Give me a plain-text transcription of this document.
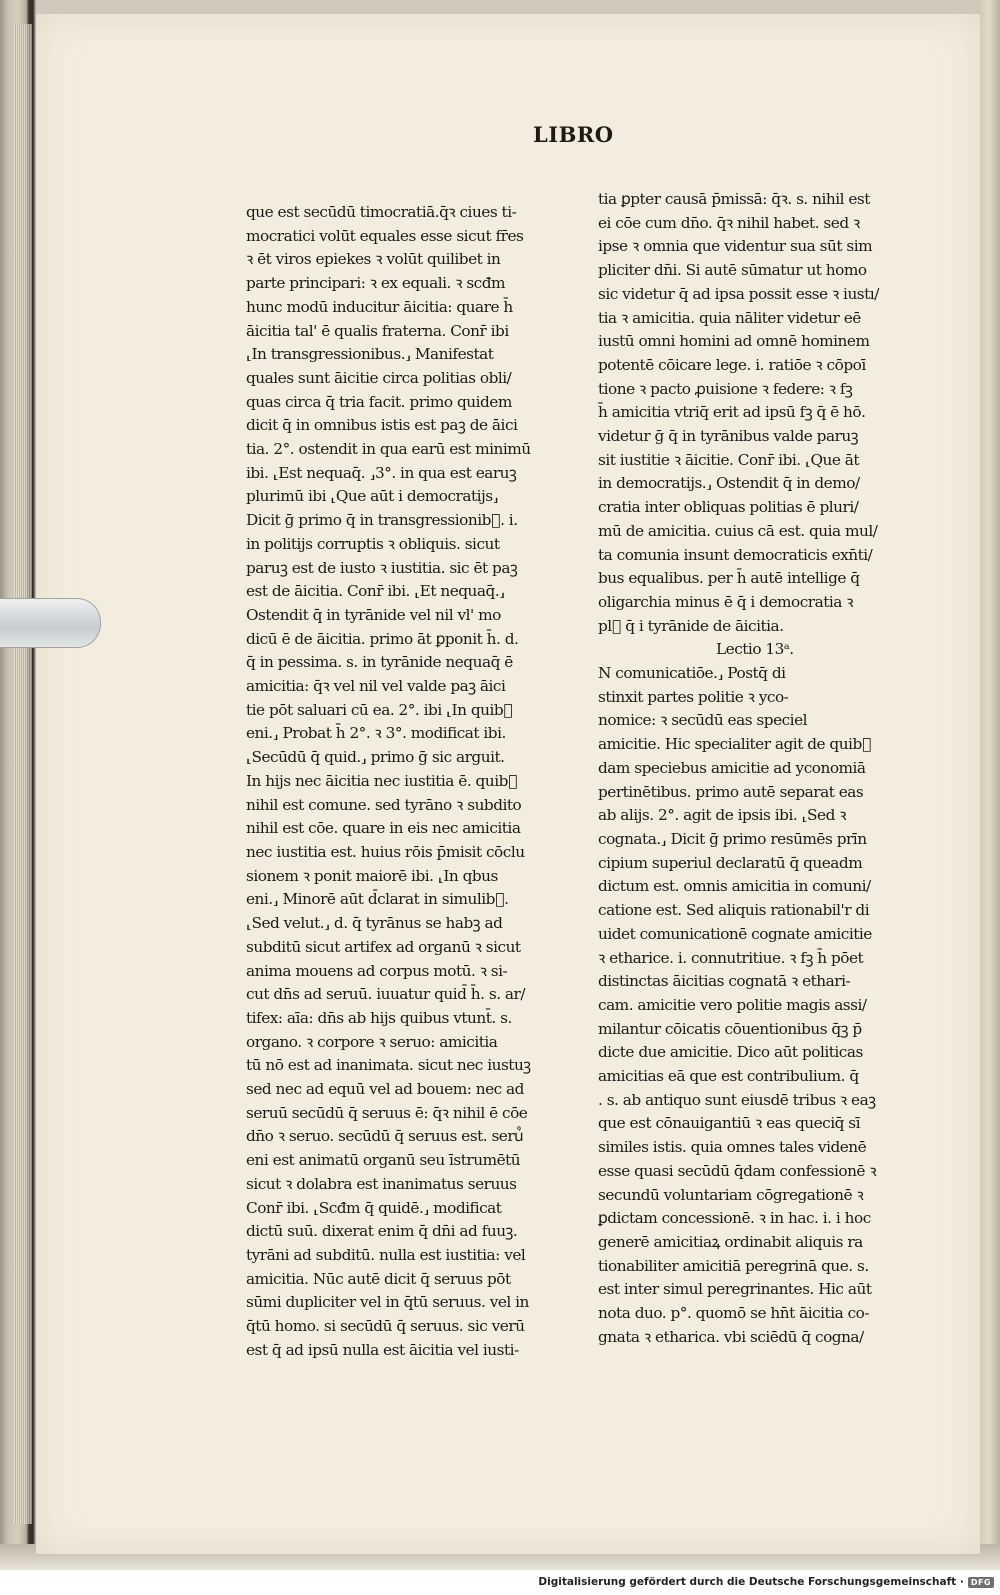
LIBRO
que est secūdū timocratiā.q̄ꝛ ciues ti-
mocratici volūt equales esse sicut fr̄es
ꝛ ēt viros epiekes ꝛ volūt quilibet in
parte principari: ꝛ ex equali. ꝛ scđm
hunc modū inducitur āicitia: quare h̄
āicitia tal' ē qualis fraterna. Conr̄ ibi
⸤In transgressionibus.⸥ Manifestat
quales sunt āicitie circa politias obli/
quas circa q̄ tria facit. primo quidem
dicit q̄ in omnibus istis est paꝫ de āici
tia. 2°. ostendit in qua earū est minimū
ibi. ⸤Est nequaq̄. ⸥3°. in qua est earuꝫ
plurimū ibi ⸤Que aūt i democratijs⸥
Dicit ḡ primo q̄ in transgressionib᷒. i.
in politijs corruptis ꝛ obliquis. sicut
paruꝫ est de iusto ꝛ iustitia. sic ēt paꝫ
est de āicitia. Conr̄ ibi. ⸤Et nequaq̄.⸥
Ostendit q̄ in tyrānide vel nil vl' mo
dicū ē de āicitia. primo āt ꝑponit h̄. d.
q̄ in pessima. s. in tyrānide nequaq̄ ē
amicitia: q̄ꝛ vel nil vel valde paꝫ āici
tie pōt saluari cū ea. 2°. ibi ⸤In quib᷒
eni.⸥ Probat h̄ 2°. ꝛ 3°. modificat ibi.
⸤Secūdū q̄ quid.⸥ primo ḡ sic arguit.
In hijs nec āicitia nec iustitia ē. quib᷒
nihil est comune. sed tyrāno ꝛ subdito
nihil est cōe. quare in eis nec amicitia
nec iustitia est. huius rōis p̄misit cōclu
sionem ꝛ ponit maiorē ibi. ⸤In qbus
eni.⸥ Minorē aūt d̄clarat in simulib᷒.
⸤Sed velut.⸥ d. q̄ tyrānus se habꝫ ad
subditū sicut artifex ad organū ꝛ sicut
anima mouens ad corpus motū. ꝛ si-
cut dn̄s ad seruū. iuuatur quid̄ h̄. s. ar/
tifex: aīa: dn̄s ab hijs quibus vtunt̄. s.
organo. ꝛ corpore ꝛ seruo: amicitia
tū nō est ad inanimata. sicut nec iustuꝫ
sed nec ad equū vel ad bouem: nec ad
seruū secūdū q̄ seruus ē: q̄ꝛ nihil ē cōe
dn̄o ꝛ seruo. secūdū q̄ seruus est. seru᷒
eni est animatū organū seu īstrumētū
sicut ꝛ dolabra est inanimatus seruus
Conr̄ ibi. ⸤Scđm q̄ quidē.⸥ modificat
dictū suū. dixerat enim q̄ dn̄i ad fuuꝫ.
tyrāni ad subditū. nulla est iustitia: vel
amicitia. Nūc autē dicit q̄ seruus pōt
sūmi dupliciter vel in q̄tū seruus. vel in
q̄tū homo. si secūdū q̄ seruus. sic verū
est q̄ ad ipsū nulla est āicitia vel iusti-
tia ꝑpter causā p̄missā: q̄ꝛ. s. nihil est
ei cōe cum dn̄o. q̄ꝛ nihil habet. sed ꝛ
ipse ꝛ omnia que videntur sua sūt sim
pliciter dn̄i. Si autē sūmatur ut homo
sic videtur q̄ ad ipsa possit esse ꝛ iustı/
tia ꝛ amicitia. quia nāliter videtur eē
iustū omni homini ad omnē hominem
potentē cōicare lege. i. ratiōe ꝛ cōpoī
tione ꝛ pacto ꝓuisione ꝛ federe: ꝛ fꝫ
h̄ amicitia vtriq̄ erit ad ipsū fꝫ q̄ ē hō.
videtur ḡ q̄ in tyrānibus valde paruꝫ
sit iustitie ꝛ āicitie. Conr̄ ibi. ⸤Que āt
in democratijs.⸥ Ostendit q̄ in demo/
cratia inter obliquas politias ē pluri/
mū de amicitia. cuius cā est. quia mul/
ta comunia insunt democraticis exn̄ti/
bus equalibus. per h̄ autē intellige q̄
oligarchia minus ē q̄ i democratia ꝛ
pl᷒ q̄ i tyrānide de āicitia.
Lectio 13ᵃ.
N comunicatiōe.⸥ Postq̄ di
stinxit partes politie ꝛ yco-
nomice: ꝛ secūdū eas speciel
amicitie. Hic specialiter agit de quib᷒
dam speciebus amicitie ad yconomiā
pertinētibus. primo autē separat eas
ab alijs. 2°. agit de ipsis ibi. ⸤Sed ꝛ
cognata.⸥ Dicit ḡ primo resūmēs prīn
cipium superiul declaratū q̄ queadm
dictum est. omnis amicitia in comuni/
catione est. Sed aliquis rationabil'r di
uidet comunicationē cognate amicitie
ꝛ etharice. i. connutritiue. ꝛ fꝫ h̄ pōet
distinctas āicitias cognatā ꝛ ethari-
cam. amicitie vero politie magis assi/
milantur cōicatis cōuentionibus q̄ꝫ p̄
dicte due amicitie. Dico aūt politicas
amicitias eā que est contribulium. q̄
. s. ab antiquo sunt eiusdē tribus ꝛ eaꝫ
que est cōnauigantiū ꝛ eas queciq̄ sī
similes istis. quia omnes tales videnē
esse quasi secūdū q̄dam confessionē ꝛ
secundū voluntariam cōgregationē ꝛ
ꝑdictam concessionē. ꝛ in hac. i. i hoc
generē amicitiaꝝ ordinabit aliquis ra
tionabiliter amicitiā peregrinā que. s.
est inter simul peregrinantes. Hic aūt
nota duo. p°. quomō se hn̄t āicitia co-
gnata ꝛ etharica. vbi sciēdū q̄ cogna/
Digitalisierung gefördert durch die Deutsche Forschungsgemeinschaft · DFG
